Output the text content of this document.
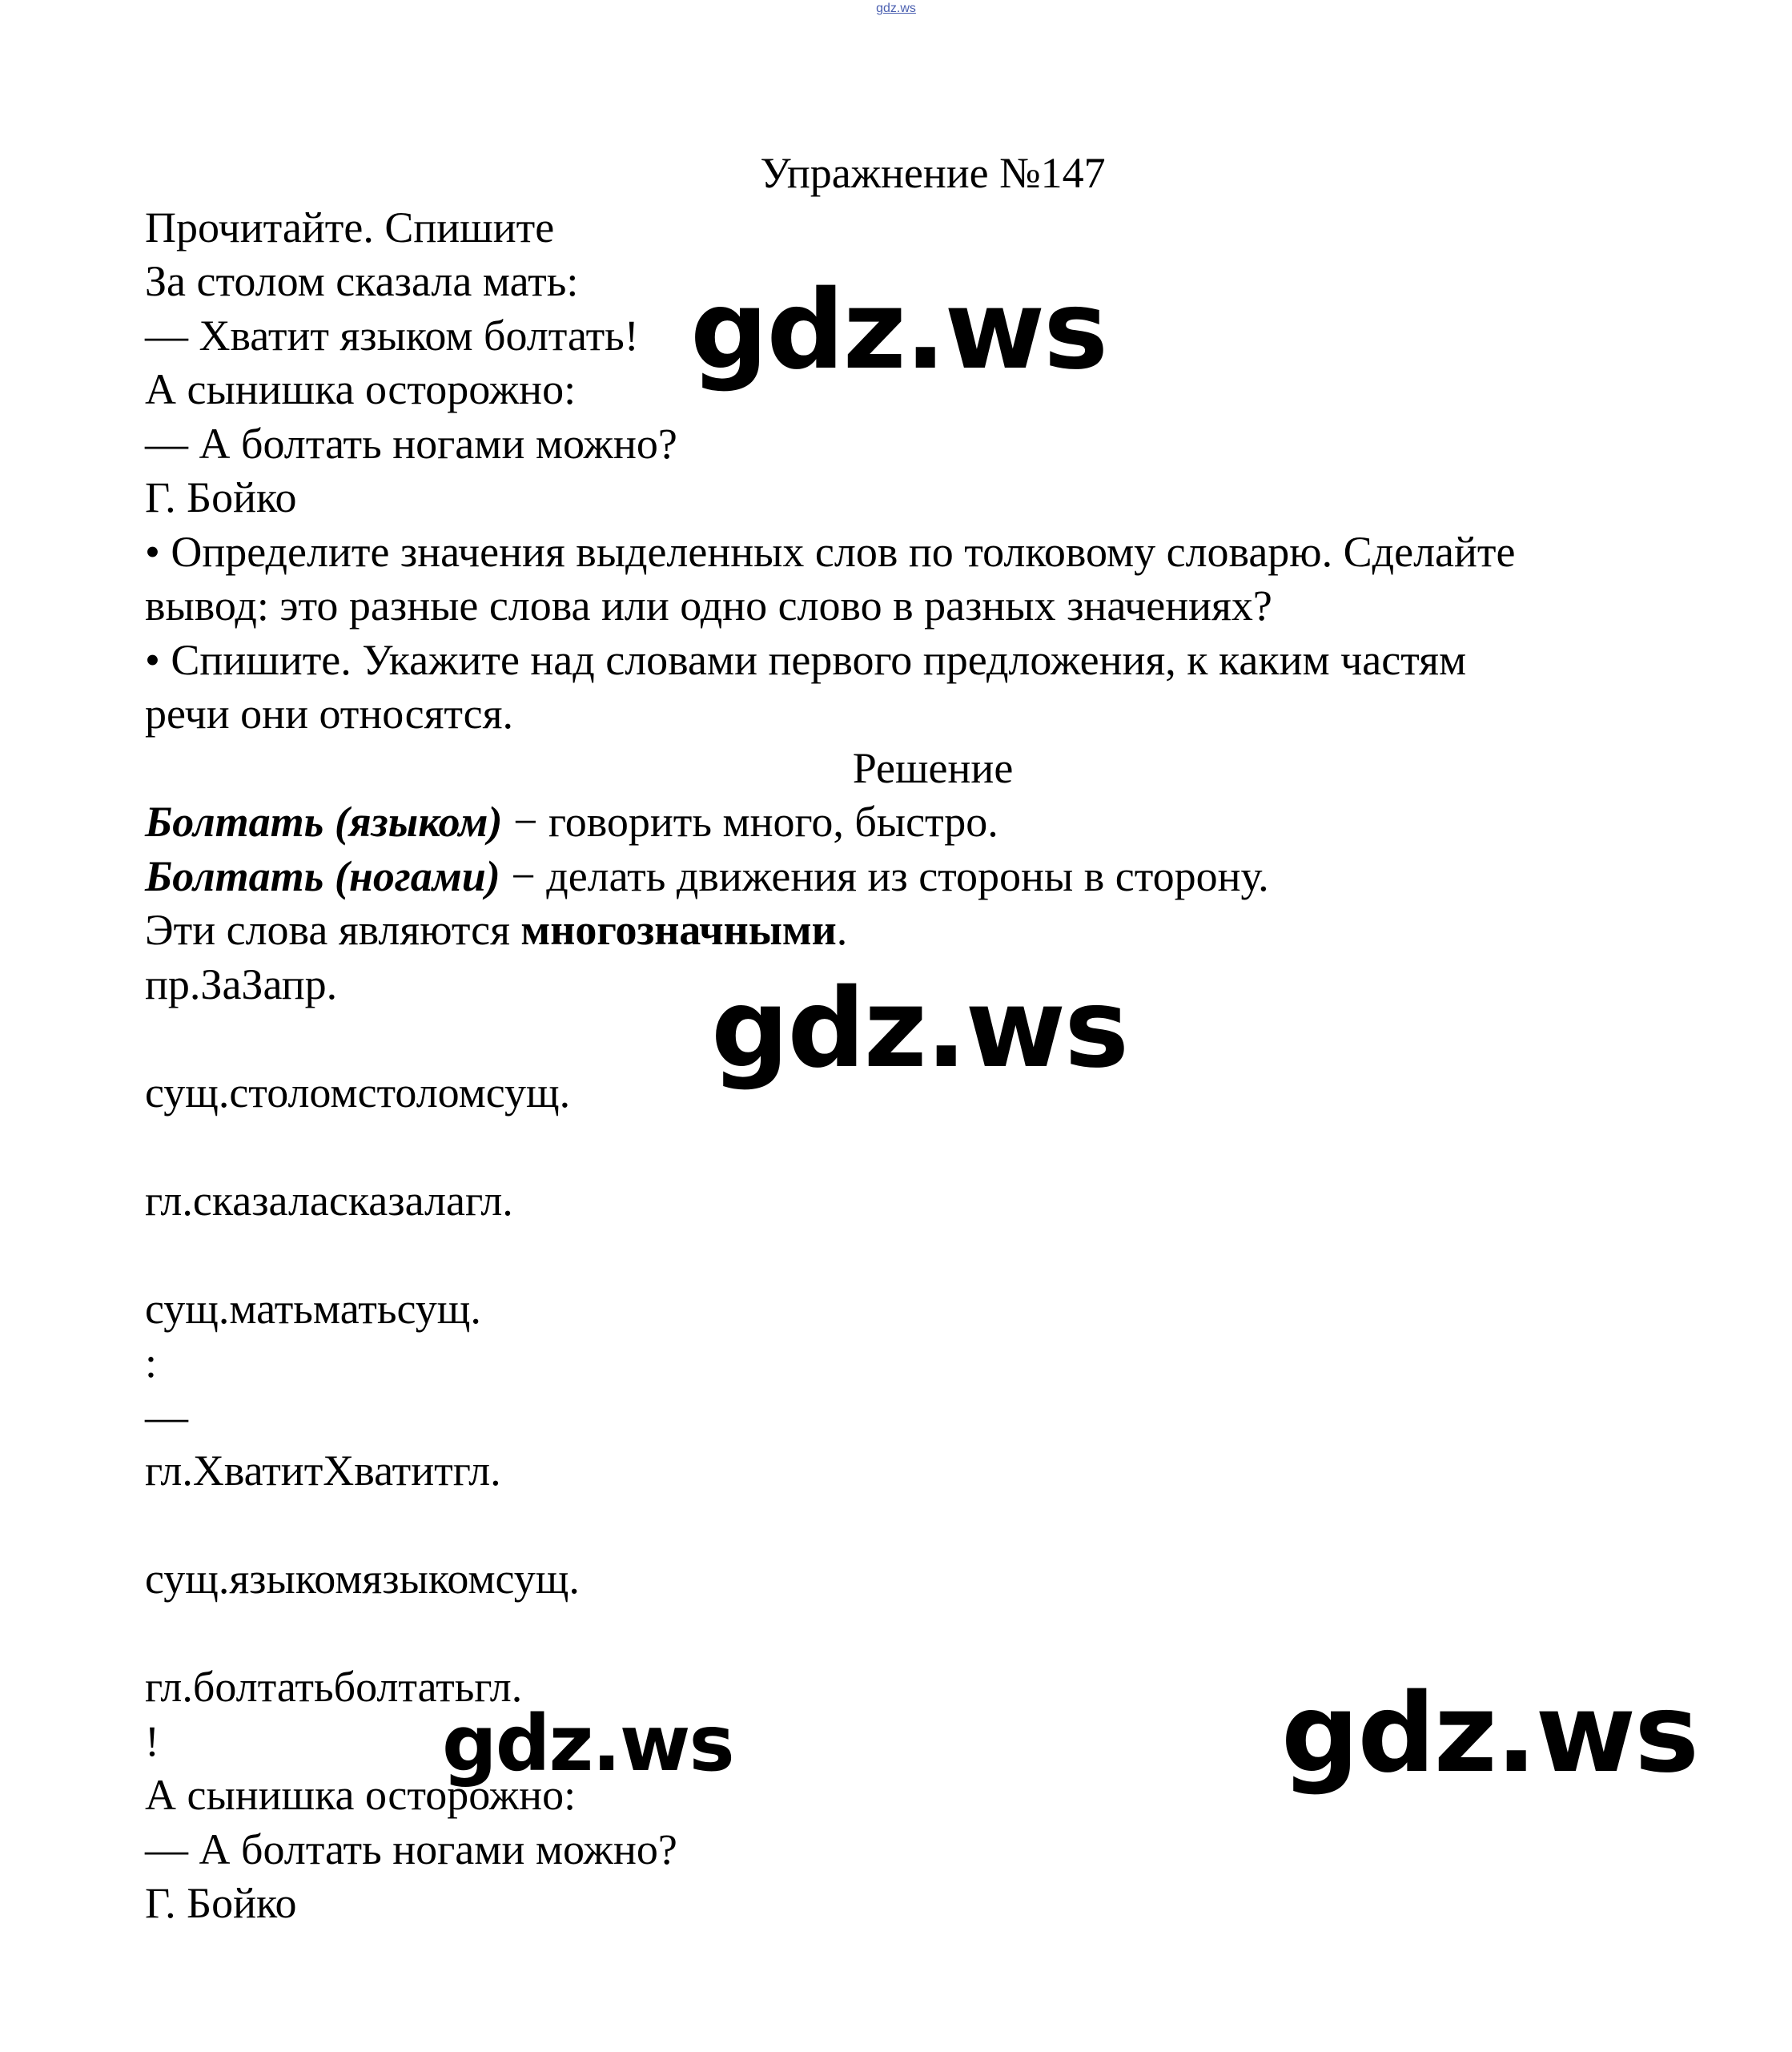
gdz.ws
Упражнение №147
Прочитайте. Спишите
За столом сказала мать:
— Хватит языком болтать!
А сынишка осторожно:
— А болтать ногами можно?
Г. Бойко
• Определите значения выделенных слов по толковому словарю. Сделайте
вывод: это разные слова или одно слово в разных значениях?
• Спишите. Укажите над словами первого предложения, к каким частям
речи они относятся.
Решение
Болтать (языком) − говорить много, быстро.
Болтать (ногами) − делать движения из стороны в сторону.
Эти слова являются многозначными.
пр.ЗаЗапр.
сущ.столомстоломсущ.
гл.сказаласказалагл.
сущ.матьматьсущ.
:
—
гл.ХватитХватитгл.
сущ.языкомязыкомсущ.
гл.болтатьболтатьгл.
!
А сынишка осторожно:
— А болтать ногами можно?
Г. Бойко
gdz.ws
gdz.ws
gdz.ws	gdz.ws
